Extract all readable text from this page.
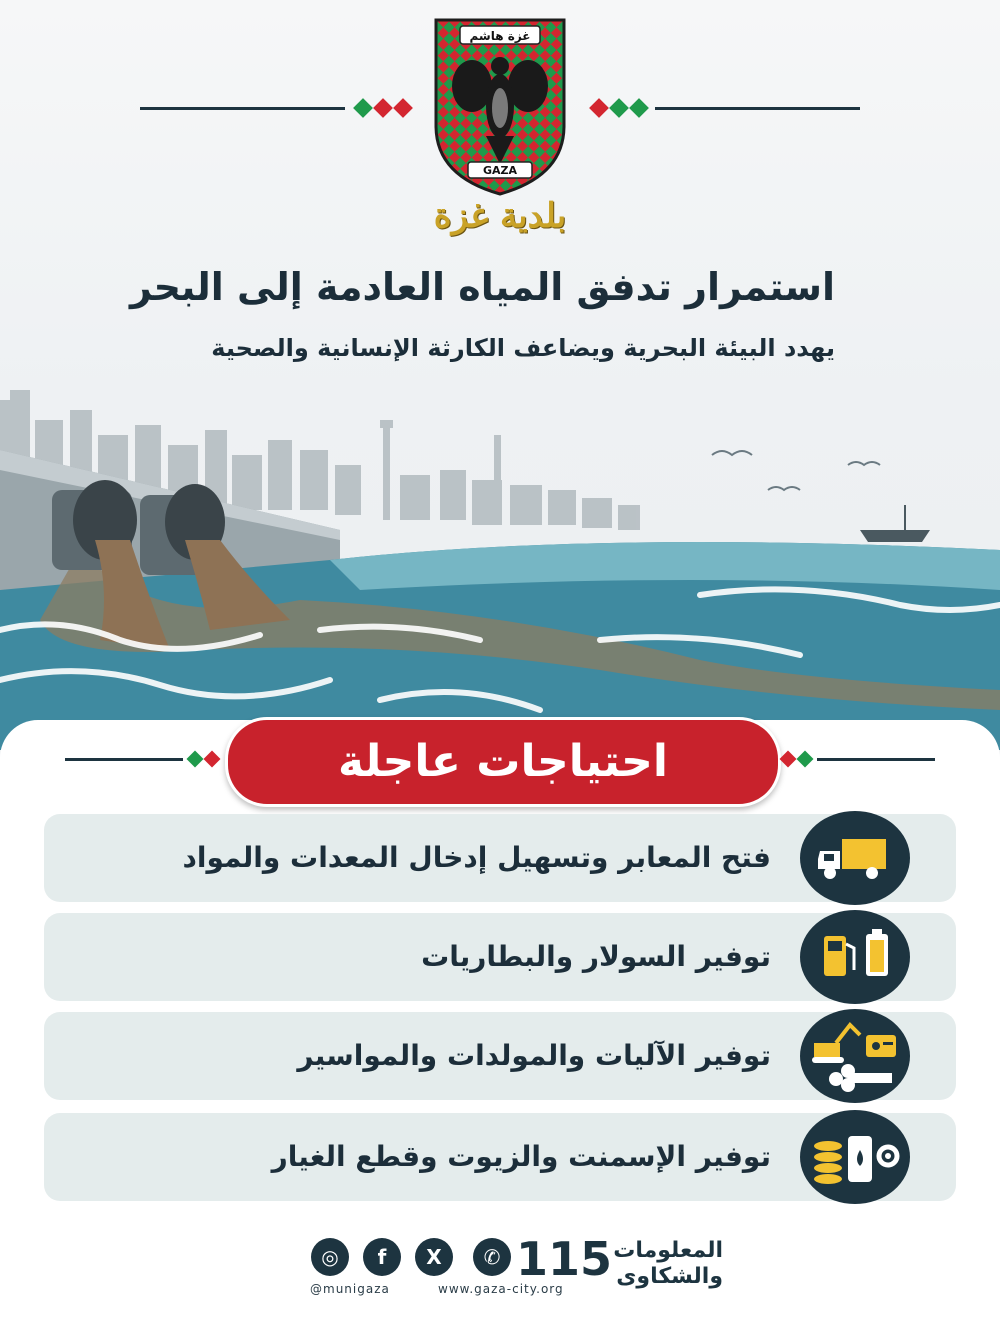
غزة هاشم
GAZA
بلدية غزة
استمرار تدفق المياه العادمة إلى البحر
يهدد البيئة البحرية ويضاعف الكارثة الإنسانية والصحية
احتياجات عاجلة
فتح المعابر وتسهيل إدخال المعدات والمواد
توفير السولار والبطاريات
توفير الآليات والمولدات والمواسير
توفير الإسمنت والزيوت وقطع الغيار
◎	f	X	✆
@munigaza	www.gaza-city.org
115 المعلومات
والشكاوى
